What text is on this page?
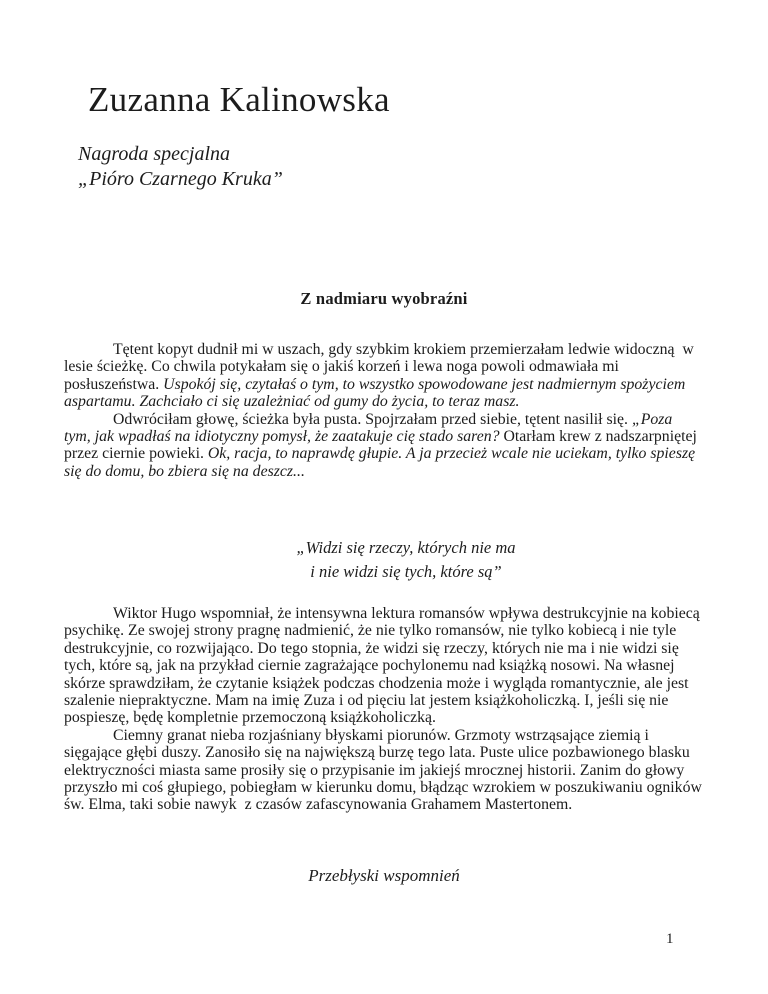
Zuzanna Kalinowska
Nagroda specjalna
„Pióro Czarnego Kruka”
Z nadmiaru wyobraźni

Tętent kopyt dudnił mi w uszach, gdy szybkim krokiem przemierzałam ledwie widoczną  w lesie ścieżkę. Co chwila potykałam się o jakiś korzeń i lewa noga powoli odmawiała mi posłuszeństwa. Uspokój się, czytałaś o tym, to wszystko spowodowane jest nadmiernym spożyciem aspartamu. Zachciało ci się uzależniać od gumy do życia, to teraz masz.

Odwróciłam głowę, ścieżka była pusta. Spojrzałam przed siebie, tętent nasilił się. „Poza tym, jak wpadłaś na idiotyczny pomysł, że zaatakuje cię stado saren? Otarłam krew z nadszarpniętej przez ciernie powieki. Ok, racja, to naprawdę głupie. A ja przecież wcale nie uciekam, tylko spieszę się do domu, bo zbiera się na deszcz...

„Widzi się rzeczy, których nie ma
i nie widzi się tych, które są”

Wiktor Hugo wspomniał, że intensywna lektura romansów wpływa destrukcyjnie na kobiecą psychikę. Ze swojej strony pragnę nadmienić, że nie tylko romansów, nie tylko kobiecą i nie tyle destrukcyjnie, co rozwijająco. Do tego stopnia, że widzi się rzeczy, których nie ma i nie widzi się tych, które są, jak na przykład ciernie zagrażające pochylonemu nad książką nosowi. Na własnej skórze sprawdziłam, że czytanie książek podczas chodzenia może i wygląda romantycznie, ale jest szalenie niepraktyczne. Mam na imię Zuza i od pięciu lat jestem książkoholiczką. I, jeśli się nie pospieszę, będę kompletnie przemoczoną książkoholiczką.

Ciemny granat nieba rozjaśniany błyskami piorunów. Grzmoty wstrząsające ziemią i sięgające głębi duszy. Zanosiło się na największą burzę tego lata. Puste ulice pozbawionego blasku elektryczności miasta same prosiły się o przypisanie im jakiejś mrocznej historii. Zanim do głowy przyszło mi coś głupiego, pobiegłam w kierunku domu, błądząc wzrokiem w poszukiwaniu ogników św. Elma, taki sobie nawyk  z czasów zafascynowania Grahamem Mastertonem.

Przebłyski wspomnień
1
